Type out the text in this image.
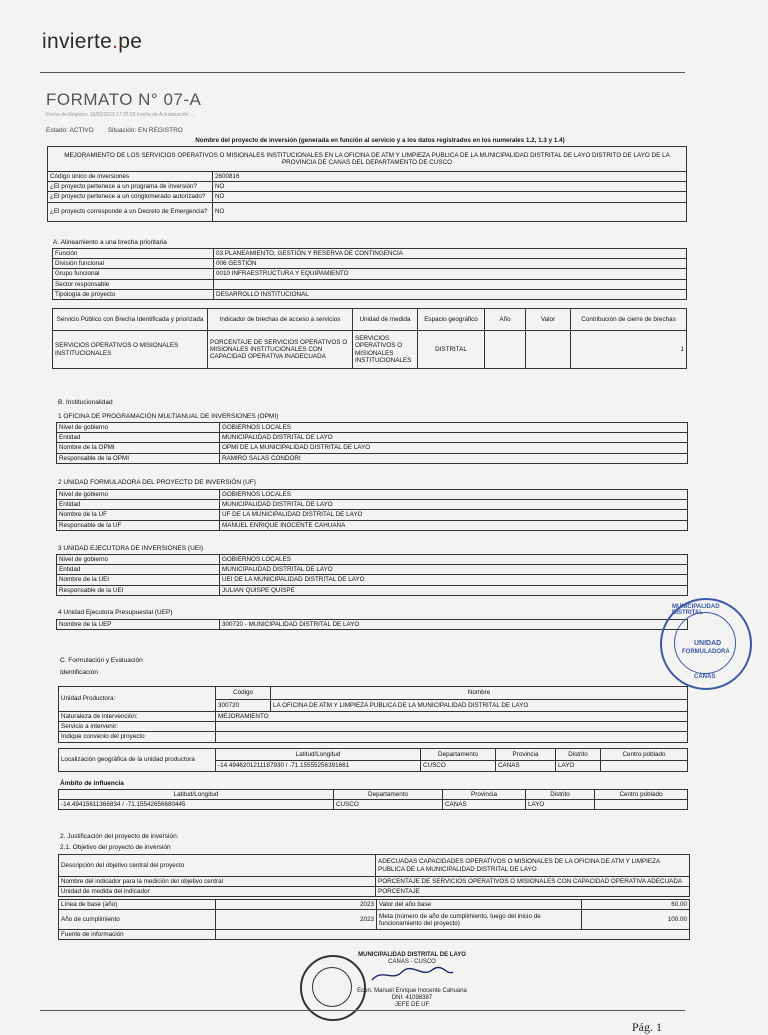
invierte.pe
FORMATO N° 07-A
Fecha de Registro: 18/03/2023 17:25:53 Fecha de Actualización: ...
Estado: ACTIVO Situación: EN REGISTRO
Nombre del proyecto de inversión (generada en función al servicio y a los datos registrados en los numerales 1.2, 1.3 y 1.4)
MEJORAMIENTO DE LOS SERVICIOS OPERATIVOS O MISIONALES INSTITUCIONALES EN LA OFICINA DE ATM Y LIMPIEZA PUBLICA DE LA MUNICIPALIDAD DISTRITAL DE LAYO DISTRITO DE LAYO DE LA PROVINCIA DE CANAS DEL DEPARTAMENTO DE CUSCO	
Código único de inversiones	2600816
¿El proyecto pertenece a un programa de inversión?	NO
¿El proyecto pertenece a un conglomerado autorizado?	NO
¿El proyecto corresponde a un Decreto de Emergencia?	NO
A. Alineamiento a una brecha prioritaria
Función	03 PLANEAMIENTO, GESTIÓN Y RESERVA DE CONTINGENCIA
División funcional	006 GESTIÓN
Grupo funcional	0010 INFRAESTRUCTURA Y EQUIPAMIENTO
Sector responsable	
Tipología de proyecto	DESARROLLO INSTITUCIONAL
Servicio Público con Brecha Identificada y priorizada	Indicador de brechas de acceso a servicios	Unidad de medida	Espacio geográfico	Año	Valor	Contribución de cierre de brechas
SERVICIOS OPERATIVOS O MISIONALES INSTITUCIONALES	PORCENTAJE DE SERVICIOS OPERATIVOS O MISIONALES INSTITUCIONALES CON CAPACIDAD OPERATIVA INADECUADA	SERVICIOS OPERATIVOS O MISIONALES INSTITUCIONALES	DISTRITAL			1
B. Institucionalidad
1 OFICINA DE PROGRAMACIÓN MULTIANUAL DE INVERSIONES (OPMI)
Nivel de gobierno	GOBIERNOS LOCALES
Entidad	MUNICIPALIDAD DISTRITAL DE LAYO
Nombre de la OPMI	OPMI DE LA MUNICIPALIDAD DISTRITAL DE LAYO
Responsable de la OPMI	RAMIRO SALAS CONDORI
2 UNIDAD FORMULADORA DEL PROYECTO DE INVERSIÓN (UF)
Nivel de gobierno	GOBIERNOS LOCALES
Entidad	MUNICIPALIDAD DISTRITAL DE LAYO
Nombre de la UF	UF DE LA MUNICIPALIDAD DISTRITAL DE LAYO
Responsable de la UF	MANUEL ENRIQUE INOCENTE CAHUANA
3 UNIDAD EJECUTORA DE INVERSIONES (UEI)
Nivel de gobierno	GOBIERNOS LOCALES
Entidad	MUNICIPALIDAD DISTRITAL DE LAYO
Nombre de la UEI	UEI DE LA MUNICIPALIDAD DISTRITAL DE LAYO
Responsable de la UEI	JULIAN QUISPE QUISPE
4 Unidad Ejecutora Presupuestal (UEP)
Nombre de la UEP	300720 - MUNICIPALIDAD DISTRITAL DE LAYO
MUNICIPALIDAD DISTRITAL
UNIDAD
FORMULADORA
CANAS
C. Formulación y Evaluación
Identificación
Unidad Productora:	Código	Nombre
	300720	LA OFICINA DE ATM Y LIMPIEZA PUBLICA DE LA MUNICIPALIDAD DISTRITAL DE LAYO
Naturaleza de intervención:	MEJORAMIENTO	
Servicio a intervenir:		
Indique convenio del proyecto		
Localización geográfica de la unidad productora	Latitud/Longitud	Departamento	Provincia	Distrito	Centro poblado
	-14.4946201211187930 / -71.15555256391661	CUSCO	CANAS	LAYO	
Ámbito de influencia
Latitud/Longitud	Departamento	Provincia	Distrito	Centro poblado
-14.49415611366834 / -71.15542656680445	CUSCO	CANAS	LAYO	
2. Justificación del proyecto de inversión:
2.1. Objetivo del proyecto de inversión
Descripción del objetivo central del proyecto	ADECUADAS CAPACIDADES OPERATIVOS O MISIONALES DE LA OFICINA DE ATM Y LIMPIEZA PUBLICA DE LA MUNICIPALIDAD DISTRITAL DE LAYO
Nombre del indicador para la medición del objetivo central	PORCENTAJE DE SERVICIOS OPERATIVOS O MISIONALES CON CAPACIDAD OPERATIVA ADECUADA
Unidad de medida del indicador	PORCENTAJE
Línea de base (año)	2023	Valor del año base	60.00
Año de cumplimiento	2023	Meta (número de año de cumplimiento, luego del inicio de funcionamiento del proyecto)	100.00
Fuente de información			
MUNICIPALIDAD DISTRITAL DE LAYO
CANAS - CUSCO
Econ. Manuel Enrique Inocente Cahuana
DNI: 41098387
JEFE DE UF
Pág. 1
